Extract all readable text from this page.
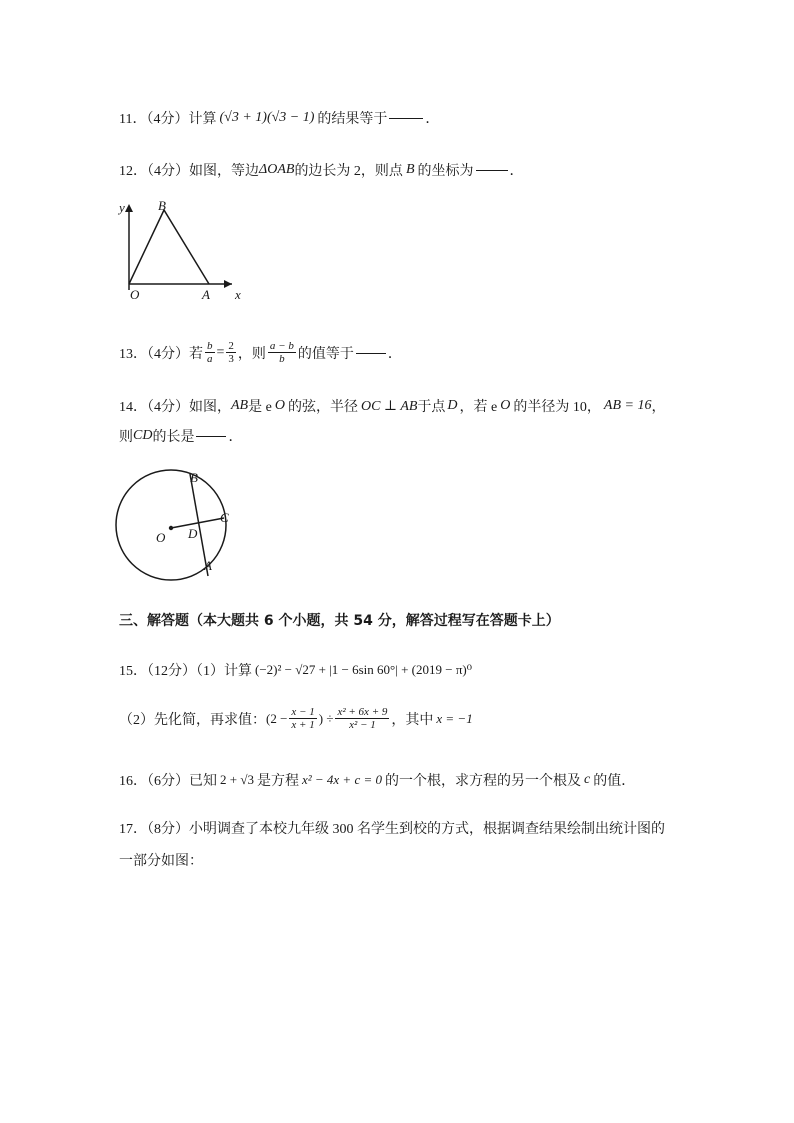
11．（4分）计算 (√3 + 1)(√3 − 1) 的结果等于	．
12．（4分）如图，等边 ΔOAB 的边长为 2，则点 B 的坐标为	．
y
x
O	A
B
13．（4分）若 $\frac{b}{a} = \frac{2}{3}$ ，则 $\frac{a - b}{b}$ 的值等于 ．
14．（4分）如图， AB 是 e O 的弦，半径 OC ⊥ AB 于点 D ，若 e O 的半径为 10， AB = 16 ，
则 CD 的长是 ．
B
C
O D
A
三、解答题（本大题共 6 个小题，共 54 分，解答过程写在答题卡上）
15．（12分）（1）计算 (−2)² − √27 + |1 − 6sin 60°| + (2019 − π)⁰
（2）先化简，再求值： ($2 - \frac{x - 1}{x + 1}$ ) ÷ $\frac{\text{x² + 6x + 9}}{\text{x² − 1}}$ ，其中 x = −1
16．（6分）已知 2 + √3 是方程 x² − 4x + c = 0 的一个根，求方程的另一个根及 c 的值．
17．（8分）小明调查了本校九年级 300 名学生到校的方式，根据调查结果绘制出统计图的
一部分如图：
